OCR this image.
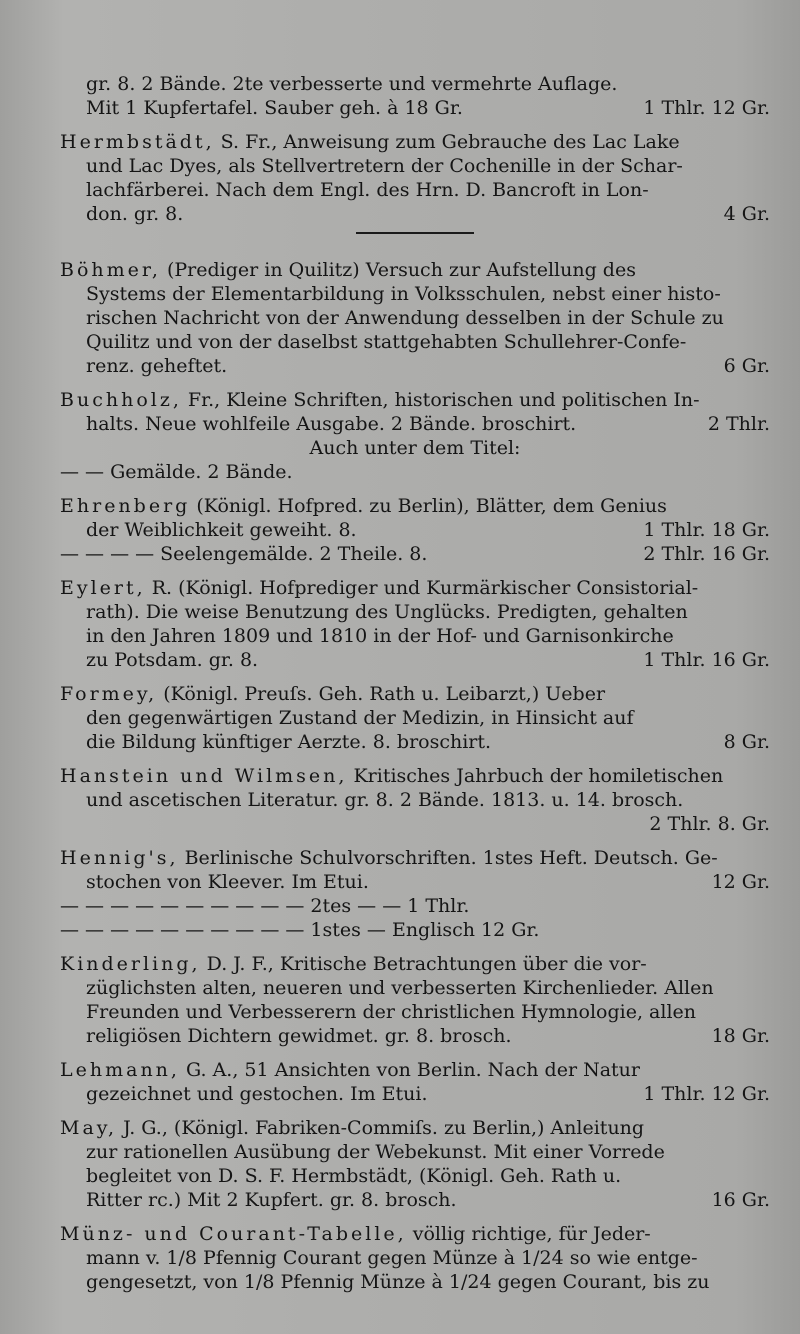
gr. 8. 2 Bände. 2te verbesserte und vermehrte Auflage.
Mit 1 Kupfertafel. Sauber geh. à 18 Gr.	1 Thlr. 12 Gr.
Hermbstädt, S. Fr., Anweisung zum Gebrauche des Lac Lake
und Lac Dyes, als Stellvertretern der Cochenille in der Schar-
lachfärberei. Nach dem Engl. des Hrn. D. Bancroft in Lon-
don. gr. 8.	4 Gr.
Böhmer, (Prediger in Quilitz) Versuch zur Aufstellung des
Systems der Elementarbildung in Volksschulen, nebst einer histo-
rischen Nachricht von der Anwendung desselben in der Schule zu
Quilitz und von der daselbst stattgehabten Schullehrer-Confe-
renz. geheftet.	6 Gr.
Buchholz, Fr., Kleine Schriften, historischen und politischen In-
halts. Neue wohlfeile Ausgabe. 2 Bände. broschirt.	2 Thlr.
Auch unter dem Titel:
— — Gemälde. 2 Bände.
Ehrenberg (Königl. Hofpred. zu Berlin), Blätter, dem Genius
der Weiblichkeit geweiht. 8.	1 Thlr. 18 Gr.
— — — — Seelengemälde. 2 Theile. 8.	2 Thlr. 16 Gr.
Eylert, R. (Königl. Hofprediger und Kurmärkischer Consistorial-
rath). Die weise Benutzung des Unglücks. Predigten, gehalten
in den Jahren 1809 und 1810 in der Hof- und Garnisonkirche
zu Potsdam. gr. 8.	1 Thlr. 16 Gr.
Formey, (Königl. Preuſs. Geh. Rath u. Leibarzt,) Ueber
den gegenwärtigen Zustand der Medizin, in Hinsicht auf
die Bildung künftiger Aerzte. 8. broschirt.	8 Gr.
Hanstein und Wilmsen, Kritisches Jahrbuch der homiletischen
und ascetischen Literatur. gr. 8. 2 Bände. 1813. u. 14. brosch.
2 Thlr. 8. Gr.
Hennig's, Berlinische Schulvorschriften. 1stes Heft. Deutsch. Ge-
stochen von Kleever. Im Etui.	12 Gr.
— — — — — — — — — — 2tes — — 1 Thlr.
— — — — — — — — — — 1stes — Englisch 12 Gr.
Kinderling, D. J. F., Kritische Betrachtungen über die vor-
züglichsten alten, neueren und verbesserten Kirchenlieder. Allen
Freunden und Verbesserern der christlichen Hymnologie, allen
religiösen Dichtern gewidmet. gr. 8. brosch.	18 Gr.
Lehmann, G. A., 51 Ansichten von Berlin. Nach der Natur
gezeichnet und gestochen. Im Etui.	1 Thlr. 12 Gr.
May, J. G., (Königl. Fabriken-Commiſs. zu Berlin,) Anleitung
zur rationellen Ausübung der Webekunst. Mit einer Vorrede
begleitet von D. S. F. Hermbstädt, (Königl. Geh. Rath u.
Ritter rc.) Mit 2 Kupfert. gr. 8. brosch.	16 Gr.
Münz- und Courant-Tabelle, völlig richtige, für Jeder-
mann v. 1/8 Pfennig Courant gegen Münze à 1/24 so wie entge-
gengesetzt, von 1/8 Pfennig Münze à 1/24 gegen Courant, bis zu
